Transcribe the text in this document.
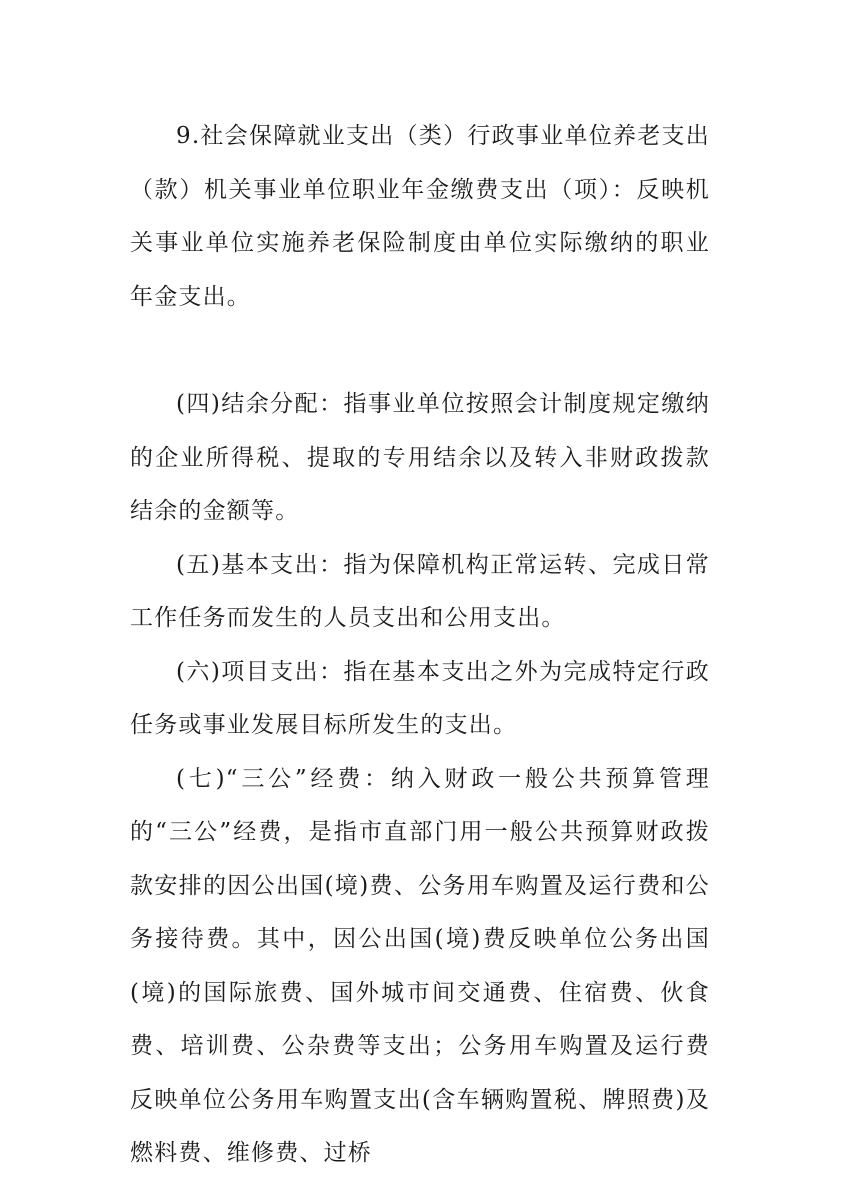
9.社会保障就业支出（类）行政事业单位养老支出（款）机关事业单位职业年金缴费支出（项）：反映机关事业单位实施养老保险制度由单位实际缴纳的职业年金支出。

(四)结余分配：指事业单位按照会计制度规定缴纳的企业所得税、提取的专用结余以及转入非财政拨款结余的金额等。

(五)基本支出：指为保障机构正常运转、完成日常工作任务而发生的人员支出和公用支出。

(六)项目支出：指在基本支出之外为完成特定行政任务或事业发展目标所发生的支出。

(七)“三公”经费：纳入财政一般公共预算管理的“三公”经费，是指市直部门用一般公共预算财政拨款安排的因公出国(境)费、公务用车购置及运行费和公务接待费。其中，因公出国(境)费反映单位公务出国(境)的国际旅费、国外城市间交通费、住宿费、伙食费、培训费、公杂费等支出；公务用车购置及运行费反映单位公务用车购置支出(含车辆购置税、牌照费)及燃料费、维修费、过桥
